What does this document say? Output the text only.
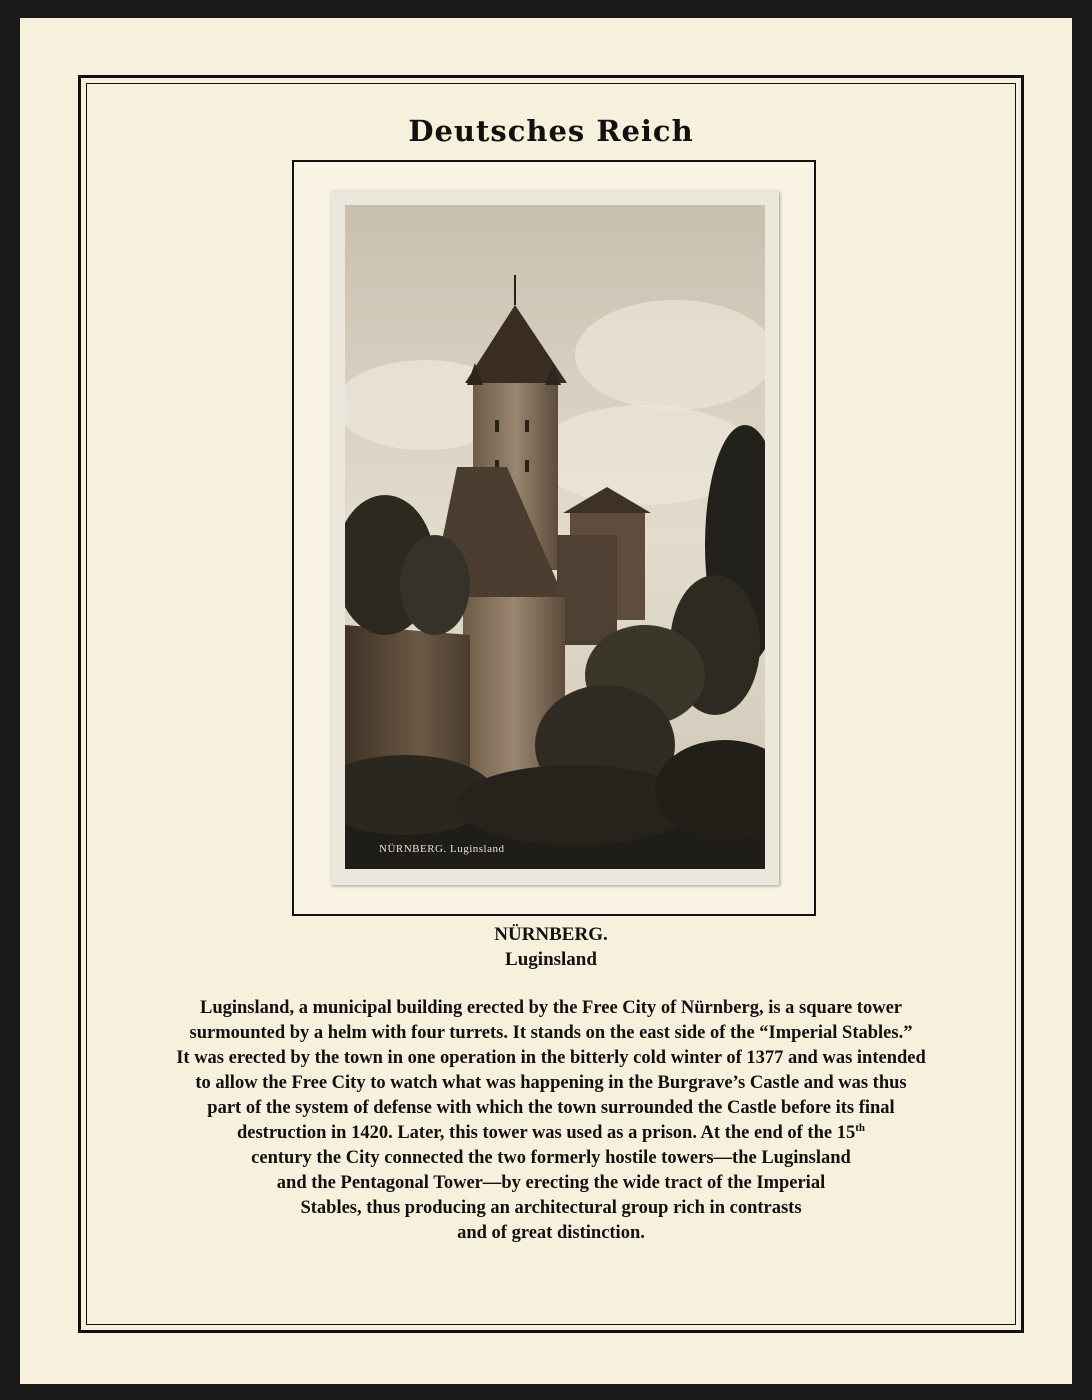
Deutsches Reich
NÜRNBERG. Luginsland
NÜRNBERG.
Luginsland
Luginsland, a municipal building erected by the Free City of Nürnberg, is a square tower
surmounted by a helm with four turrets. It stands on the east side of the “Imperial Stables.”
It was erected by the town in one operation in the bitterly cold winter of 1377 and was intended
to allow the Free City to watch what was happening in the Burgrave’s Castle and was thus
part of the system of defense with which the town surrounded the Castle before its final
destruction in 1420. Later, this tower was used as a prison. At the end of the 15th
century the City connected the two formerly hostile towers—the Luginsland
and the Pentagonal Tower—by erecting the wide tract of the Imperial
Stables, thus producing an architectural group rich in contrasts
and of great distinction.
